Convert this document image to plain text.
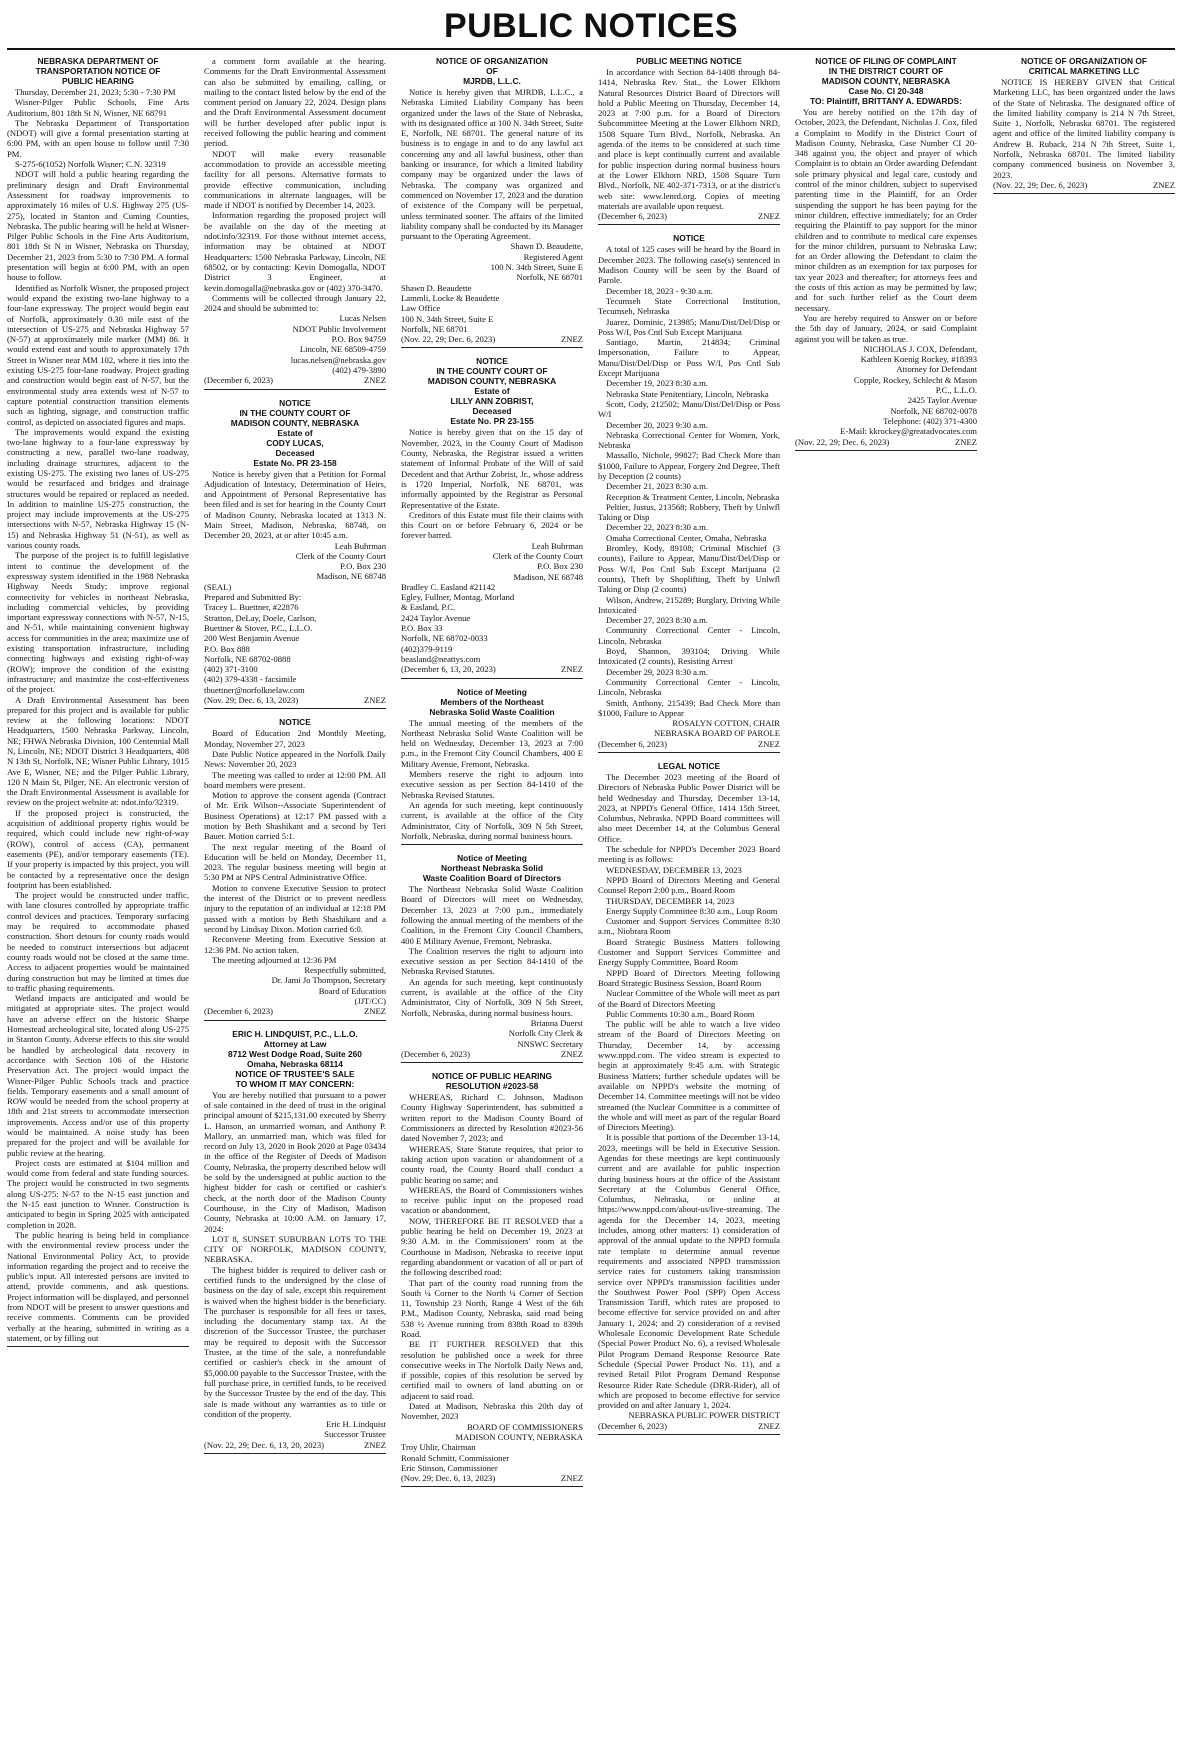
PUBLIC NOTICES
NEBRASKA DEPARTMENT OF
TRANSPORTATION NOTICE OF
PUBLIC HEARING

Thursday, December 21, 2023; 5:30 - 7:30 PM

Wisner-Pilger Public Schools, Fine Arts Auditorium, 801 18th St N, Wisner, NE 68791

The Nebraska Department of Transportation (NDOT) will give a formal presentation starting at 6:00 PM, with an open house to follow until 7:30 PM.

S-275-6(1052) Norfolk Wisner; C.N. 32319

NDOT will hold a public hearing regarding the preliminary design and Draft Environmental Assessment for roadway improvements to approximately 16 miles of U.S. Highway 275 (US-275), located in Stanton and Cuming Counties, Nebraska. The public hearing will be held at Wisner-Pilger Public Schools in the Fine Arts Auditorium, 801 18th St N in Wisner, Nebraska on Thursday, December 21, 2023 from 5:30 to 7:30 PM. A formal presentation will begin at 6:00 PM, with an open house to follow.

Identified as Norfolk Wisner, the proposed project would expand the existing two-lane highway to a four-lane expressway. The project would begin east of Norfolk, approximately 0.30 mile east of the intersection of US-275 and Nebraska Highway 57 (N-57) at approximately mile marker (MM) 86. It would extend east and south to approximately 17th Street in Wisner near MM 102, where it ties into the existing US-275 four-lane roadway. Project grading and construction would begin east of N-57, but the environmental study area extends west of N-57 to capture potential construction transition elements such as lighting, signage, and construction traffic control, as depicted on associated figures and maps.

The improvements would expand the existing two-lane highway to a four-lane expressway by constructing a new, parallel two-lane roadway, including drainage structures, adjacent to the existing US-275. The existing two lanes of US-275 would be resurfaced and bridges and drainage structures would be repaired or replaced as needed. In addition to mainline US-275 construction, the project may include improvements at the US-275 intersections with N-57, Nebraska Highway 15 (N-15) and Nebraska Highway 51 (N-51), as well as various county roads.

The purpose of the project is to fulfill legislative intent to continue the development of the expressway system identified in the 1988 Nebraska Highway Needs Study; improve regional connectivity for vehicles in northeast Nebraska, including commercial vehicles, by providing important expressway connections with N-57, N-15, and N-51, while maintaining convenient highway access for communities in the area; maximize use of existing transportation infrastructure, including connecting highways and existing right-of-way (ROW); improve the condition of the existing infrastructure; and maximize the cost-effectiveness of the project.

A Draft Environmental Assessment has been prepared for this project and is available for public review at the following locations: NDOT Headquarters, 1500 Nebraska Parkway, Lincoln, NE; FHWA Nebraska Division, 100 Centennial Mall N, Lincoln, NE; NDOT District 3 Headquarters, 408 N 13th St, Norfolk, NE; Wisner Public Library, 1015 Ave E, Wisner, NE; and the Pilger Public Library, 120 N Main St, Pilger, NE. An electronic version of the Draft Environmental Assessment is available for review on the project website at: ndot.info/32319.

If the proposed project is constructed, the acquisition of additional property rights would be required, which could include new right-of-way (ROW), control of access (CA), permanent easements (PE), and/or temporary easements (TE). If your property is impacted by this project, you will be contacted by a representative once the design footprint has been established.

The project would be constructed under traffic, with lane closures controlled by appropriate traffic control devices and practices. Temporary surfacing may be required to accommodate phased construction. Short detours for county roads would be needed to construct intersections but adjacent county roads would not be closed at the same time. Access to adjacent properties would be maintained during construction but may be limited at times due to traffic phasing requirements.

Wetland impacts are anticipated and would be mitigated at appropriate sites. The project would have an adverse effect on the historic Sharpe Homestead archeological site, located along US-275 in Stanton County. Adverse effects to this site would be handled by archeological data recovery in accordance with Section 106 of the Historic Preservation Act. The project would impact the Wisner-Pilger Public Schools track and practice fields. Temporary easements and a small amount of ROW would be needed from the school property at 18th and 21st streets to accommodate intersection improvements. Access and/or use of this property would be maintained. A noise study has been prepared for the project and will be available for public review at the hearing.

Project costs are estimated at $104 million and would come from federal and state funding sources. The project would be constructed in two segments along US-275: N-57 to the N-15 east junction and the N-15 east junction to Wisner. Construction is anticipated to begin in Spring 2025 with anticipated completion in 2028.

The public hearing is being held in compliance with the environmental review process under the National Environmental Policy Act, to provide information regarding the project and to receive the public's input. All interested persons are invited to attend, provide comments, and ask questions. Project information will be displayed, and personnel from NDOT will be present to answer questions and receive comments. Comments can be provided verbally at the hearing, submitted in writing as a statement, or by filling out

a comment form available at the hearing. Comments for the Draft Environmental Assessment can also be submitted by emailing, calling, or mailing to the contact listed below by the end of the comment period on January 22, 2024. Design plans and the Draft Environmental Assessment document will be further developed after public input is received following the public hearing and comment period.

NDOT will make every reasonable accommodation to provide an accessible meeting facility for all persons. Alternative formats to provide effective communication, including communications in alternate languages, will be made if NDOT is notified by December 14, 2023.

Information regarding the proposed project will be available on the day of the meeting at ndot.info/32319. For those without internet access, information may be obtained at NDOT Headquarters: 1500 Nebraska Parkway, Lincoln, NE 68502, or by contacting: Kevin Domogalla, NDOT District 3 Engineer, at kevin.domogalla@nebraska.gov or (402) 370-3470.

Comments will be collected through January 22, 2024 and should be submitted to:

Lucas Nelsen

NDOT Public Involvement

P.O. Box 94759

Lincoln, NE 68509-4759

lucas.nelsen@nebraska.gov

(402) 479-3890

(December 6, 2023)	ZNEZ
NOTICE
IN THE COUNTY COURT OF
MADISON COUNTY, NEBRASKA
Estate of
CODY LUCAS,
Deceased
Estate No. PR 23-158

Notice is hereby given that a Petition for Formal Adjudication of Intestacy, Determination of Heirs, and Appointment of Personal Representative has been filed and is set for hearing in the County Court of Madison County, Nebraska located at 1313 N. Main Street, Madison, Nebraska, 68748, on December 20, 2023, at or after 10:45 a.m.

Leah Buhrman

Clerk of the County Court

P.O. Box 230

Madison, NE 68748

(SEAL)
Prepared and Submitted By:
Tracey L. Buettner, #22876
Stratton, DeLay, Doele, Carlson,
Buettner & Stover, P.C., L.L.O.
200 West Benjamin Avenue
P.O. Box 888
Norfolk, NE 68702-0888
(402) 371-3100
(402) 379-4338 - facsimile
tbuettner@norfolknelaw.com

(Nov. 29; Dec. 6, 13, 2023)	ZNEZ
NOTICE

Board of Education 2nd Monthly Meeting, Monday, November 27, 2023

Date Public Notice appeared in the Norfolk Daily News: November 20, 2023

The meeting was called to order at 12:00 PM. All board members were present.

Motion to approve the consent agenda (Contract of Mr. Erik Wilson--Associate Superintendent of Business Operations) at 12:17 PM passed with a motion by Beth Shashikant and a second by Teri Bauer. Motion carried 5:1.

The next regular meeting of the Board of Education will be held on Monday, December 11, 2023. The regular business meeting will begin at 5:30 PM at NPS Central Administrative Office.

Motion to convene Executive Session to protect the interest of the District or to prevent needless injury to the reputation of an individual at 12:18 PM passed with a motion by Beth Shashikant and a second by Lindsay Dixon. Motion carried 6:0.

Reconvene Meeting from Executive Session at 12:36 PM. No action taken.

The meeting adjourned at 12:36 PM

Respectfully submitted,

Dr. Jami Jo Thompson, Secretary

Board of Education

(JJT/CC)

(December 6, 2023)	ZNEZ
ERIC H. LINDQUIST, P.C., L.L.O.
Attorney at Law
8712 West Dodge Road, Suite 260
Omaha, Nebraska 68114
NOTICE OF TRUSTEE'S SALE
TO WHOM IT MAY CONCERN:

You are hereby notified that pursuant to a power of sale contained in the deed of trust in the original principal amount of $215,131.00 executed by Sherry L. Hanson, an unmarried woman, and Anthony P. Mallory, an unmarried man, which was filed for record on July 13, 2020 in Book 2020 at Page 03434 in the office of the Register of Deeds of Madison County, Nebraska, the property described below will be sold by the undersigned at public auction to the highest bidder for cash or certified or cashier's check, at the north door of the Madison County Courthouse, in the City of Madison, Madison County, Nebraska at 10:00 A.M. on January 17, 2024:

LOT 8, SUNSET SUBURBAN LOTS TO THE CITY OF NORFOLK, MADISON COUNTY, NEBRASKA.

The highest bidder is required to deliver cash or certified funds to the undersigned by the close of business on the day of sale, except this requirement is waived when the highest bidder is the beneficiary. The purchaser is responsible for all fees or taxes, including the documentary stamp tax. At the discretion of the Successor Trustee, the purchaser may be required to deposit with the Successor Trustee, at the time of the sale, a nonrefundable certified or cashier's check in the amount of $5,000.00 payable to the Successor Trustee, with the full purchase price, in certified funds, to be received by the Successor Trustee by the end of the day. This sale is made without any warranties as to title or condition of the property.

Eric H. Lindquist

Successor Trustee

(Nov. 22, 29; Dec. 6, 13, 20, 2023)	ZNEZ
NOTICE OF ORGANIZATION
OF
MJRDB, L.L.C.

Notice is hereby given that MJRDB, L.L.C., a Nebraska Limited Liability Company has been organized under the laws of the State of Nebraska, with its designated office at 100 N. 34th Street, Suite E, Norfolk, NE 68701. The general nature of its business is to engage in and to do any lawful act concerning any and all lawful business, other than banking or insurance, for which a limited liability company may be organized under the laws of Nebraska. The company was organized and commenced on November 17, 2023 and the duration of existence of the Company will be perpetual, unless terminated sooner. The affairs of the limited liability company shall be conducted by its Manager pursuant to the Operating Agreement.

Shawn D. Beaudette,

Registered Agent

100 N. 34th Street, Suite E

Norfolk, NE 68701

Shawn D. Beaudette
Lammli, Locke & Beaudette
Law Office
100 N. 34th Street, Suite E
Norfolk, NE 68701

(Nov. 22, 29; Dec. 6, 2023)	ZNEZ
NOTICE
IN THE COUNTY COURT OF
MADISON COUNTY, NEBRASKA
Estate of
LILLY ANN ZOBRIST,
Deceased
Estate No. PR 23-155

Notice is hereby given that on the 15 day of November, 2023, in the County Court of Madison County, Nebraska, the Registrar issued a written statement of Informal Probate of the Will of said Decedent and that Arthur Zobrist, Jr., whose address is 1720 Imperial, Norfolk, NE 68701, was informally appointed by the Registrar as Personal Representative of the Estate.

Creditors of this Estate must file their claims with this Court on or before February 6, 2024 or be forever barred.

Leah Buhrman

Clerk of the County Court

P.O. Box 230

Madison, NE 68748

Bradley C. Easland #21142
Egley, Fullner, Montag, Morland
& Easland, P.C.
2424 Taylor Avenue
P.O. Box 33
Norfolk, NE 68702-0033
(402)379-9119
beasland@neattys.com

(December 6, 13, 20, 2023)	ZNEZ
Notice of Meeting
Members of the Northeast
Nebraska Solid Waste Coalition

The annual meeting of the members of the Northeast Nebraska Solid Waste Coalition will be held on Wednesday, December 13, 2023 at 7:00 p.m., in the Fremont City Council Chambers, 400 E Military Avenue, Fremont, Nebraska.

Members reserve the right to adjourn into executive session as per Section 84-1410 of the Nebraska Revised Statutes.

An agenda for such meeting, kept continuously current, is available at the office of the City Administrator, City of Norfolk, 309 N 5th Street, Norfolk, Nebraska, during normal business hours.

Notice of Meeting
Northeast Nebraska Solid
Waste Coalition Board of Directors

The Northeast Nebraska Solid Waste Coalition Board of Directors will meet on Wednesday, December 13, 2023 at 7:00 p.m., immediately following the annual meeting of the members of the Coalition, in the Fremont City Council Chambers, 400 E Military Avenue, Fremont, Nebraska.

The Coalition reserves the right to adjourn into executive session as per Section 84-1410 of the Nebraska Revised Statutes.

An agenda for such meeting, kept continuously current, is available at the office of the City Administrator, City of Norfolk, 309 N 5th Street, Norfolk, Nebraska, during normal business hours.

Brianna Duerst

Norfolk City Clerk &

NNSWC Secretary

(December 6, 2023)	ZNEZ
NOTICE OF PUBLIC HEARING
RESOLUTION #2023-58

WHEREAS, Richard C. Johnson, Madison County Highway Superintendent, has submitted a written report to the Madison County Board of Commissioners as directed by Resolution #2023-56 dated November 7, 2023; and

WHEREAS, State Statute requires, that prior to taking action upon vacation or abandonment of a county road, the County Board shall conduct a public hearing on same; and

WHEREAS, the Board of Commissioners wishes to receive public input on the proposed road vacation or abandonment,

NOW, THEREFORE BE IT RESOLVED that a public hearing be held on December 19, 2023 at 9:30 A.M. in the Commissioners' room at the Courthouse in Madison, Nebraska to receive input regarding abandonment or vacation of all or part of the following described road:

That part of the county road running from the South ¼ Corner to the North ¼ Corner of Section 11, Township 23 North, Range 4 West of the 6th P.M., Madison County, Nebraska, said road being 538 ½ Avenue running from 838th Road to 839th Road.

BE IT FURTHER RESOLVED that this resolution be published once a week for three consecutive weeks in The Norfolk Daily News and, if possible, copies of this resolution be served by certified mail to owners of land abutting on or adjacent to said road.

Dated at Madison, Nebraska this 20th day of November, 2023

BOARD OF COMMISSIONERS

MADISON COUNTY, NEBRASKA

Troy Uhlir, Chairman
Ronald Schmitt, Commissioner
Eric Stinson, Commissioner

(Nov. 29; Dec. 6, 13, 2023)	ZNEZ
PUBLIC MEETING NOTICE

In accordance with Section 84-1408 through 84-1414, Nebraska Rev. Stat., the Lower Elkhorn Natural Resources District Board of Directors will hold a Public Meeting on Thursday, December 14, 2023 at 7:00 p.m. for a Board of Directors Subcommittee Meeting at the Lower Elkhorn NRD, 1508 Square Turn Blvd., Norfolk, Nebraska. An agenda of the items to be considered at such time and place is kept continually current and available for public inspection during normal business hours at the Lower Elkhorn NRD, 1508 Square Turn Blvd., Norfolk, NE 402-371-7313, or at the district's web site: www.lenrd.org. Copies of meeting materials are available upon request.

(December 6, 2023)	ZNEZ
NOTICE

A total of 125 cases will be heard by the Board in December 2023. The following case(s) sentenced in Madison County will be seen by the Board of Parole.

December 18, 2023 - 9:30 a.m.

Tecumseh State Correctional Institution, Tecumseh, Nebraska

Juarez, Dominic, 213985; Manu/Dist/Del/Disp or Poss W/I, Pos Cntl Sub Except Marijuana

Santiago, Martin, 214834; Criminal Impersonation, Failure to Appear, Manu/Dist/Del/Disp or Poss W/I, Pos Cntl Sub Except Marijuana

December 19, 2023 8:30 a.m.

Nebraska State Penitentiary, Lincoln, Nebraska

Scott, Cody, 212502; Manu/Dist/Del/Disp or Poss W/I

December 20, 2023 9:30 a.m.

Nebraska Correctional Center for Women, York, Nebraska

Massallo, Nichole, 99827; Bad Check More than $1000, Failure to Appear, Forgery 2nd Degree, Theft by Deception (2 counts)

December 21, 2023 8:30 a.m.

Reception & Treatment Center, Lincoln, Nebraska

Peltier, Justus, 213568; Robbery, Theft by Unlwfl Taking or Disp

December 22, 2023 8:30 a.m.

Omaha Correctional Center, Omaha, Nebraska

Bromley, Kody, 89108; Criminal Mischief (3 counts), Failure to Appear, Manu/Dist/Del/Disp or Poss W/I, Pos Cntl Sub Except Marijuana (2 counts), Theft by Shoplifting, Theft by Unlwfl Taking or Disp (2 counts)

Wilson, Andrew, 215289; Burglary, Driving While Intoxicated

December 27, 2023 8:30 a.m.

Community Correctional Center - Lincoln, Lincoln, Nebraska

Boyd, Shannon, 393104; Driving While Intoxicated (2 counts), Resisting Arrest

December 29, 2023 8:30 a.m.

Community Correctional Center - Lincoln, Lincoln, Nebraska

Smith, Anthony, 215439; Bad Check More than $1000, Failure to Appear

ROSALYN COTTON, CHAIR

NEBRASKA BOARD OF PAROLE

(December 6, 2023)	ZNEZ
LEGAL NOTICE

The December 2023 meeting of the Board of Directors of Nebraska Public Power District will be held Wednesday and Thursday, December 13-14, 2023, at NPPD's General Office, 1414 15th Street, Columbus, Nebraska. NPPD Board committees will also meet December 14, at the Columbus General Office.

The schedule for NPPD's December 2023 Board meeting is as follows:

WEDNESDAY, DECEMBER 13, 2023

NPPD Board of Directors Meeting and General Counsel Report 2:00 p.m., Board Room

THURSDAY, DECEMBER 14, 2023

Energy Supply Committee 8:30 a.m., Loup Room

Customer and Support Services Committee 8:30 a.m., Niobrara Room

Board Strategic Business Matters following Customer and Support Services Committee and Energy Supply Committee, Board Room

NPPD Board of Directors Meeting following Board Strategic Business Session, Board Room

Nuclear Committee of the Whole will meet as part of the Board of Directors Meeting

Public Comments 10:30 a.m., Board Room

The public will be able to watch a live video stream of the Board of Directors Meeting on Thursday, December 14, by accessing www.nppd.com. The video stream is expected to begin at approximately 9:45 a.m. with Strategic Business Matters; further schedule updates will be available on NPPD's website the morning of December 14. Committee meetings will not be video streamed (the Nuclear Committee is a committee of the whole and will meet as part of the regular Board of Directors Meeting).

It is possible that portions of the December 13-14, 2023, meetings will be held in Executive Session. Agendas for these meetings are kept continuously current and are available for public inspection during business hours at the office of the Assistant Secretary at the Columbus General Office, Columbus, Nebraska, or online at https://www.nppd.com/about-us/live-streaming. The agenda for the December 14, 2023, meeting includes, among other matters: 1) consideration of approval of the annual update to the NPPD formula rate template to determine annual revenue requirements and associated NPPD transmission service rates for customers taking transmission service over NPPD's transmission facilities under the Southwest Power Pool (SPP) Open Access Transmission Tariff, which rates are proposed to become effective for service provided on and after January 1, 2024; and 2) consideration of a revised Wholesale Economic Development Rate Schedule (Special Power Product No. 6), a revised Wholesale Pilot Program Demand Response Resource Rate Schedule (Special Power Product No. 11), and a revised Retail Pilot Program Demand Response Resource Rider Rate Schedule (DRR-Rider), all of which are proposed to become effective for service provided on and after January 1, 2024.

NEBRASKA PUBLIC POWER DISTRICT

(December 6, 2023)	ZNEZ
NOTICE OF FILING OF COMPLAINT
IN THE DISTRICT COURT OF
MADISON COUNTY, NEBRASKA
Case No. CI 20-348
TO: Plaintiff, BRITTANY A. EDWARDS:

You are hereby notified on the 17th day of October, 2023, the Defendant, Nicholas J. Cox, filed a Complaint to Modify in the District Court of Madison County, Nebraska, Case Number CI 20-348 against you, the object and prayer of which Complaint is to obtain an Order awarding Defendant sole primary physical and legal care, custody and control of the minor children, subject to supervised parenting time in the Plaintiff, for an Order suspending the support he has been paying for the minor children, effective immediately; for an Order requiring the Plaintiff to pay support for the minor children and to contribute to medical care expenses for the minor children, pursuant to Nebraska Law; for an Order allowing the Defendant to claim the minor children as an exemption for tax purposes for tax year 2023 and thereafter; for attorneys fees and the costs of this action as may be permitted by law; and for such further relief as the Court deem necessary.

You are hereby required to Answer on or before the 5th day of January, 2024, or said Complaint against you will be taken as true.

NICHOLAS J. COX, Defendant,

Kathleen Koenig Rockey, #18393

Attorney for Defendant

Copple, Rockey, Schlecht & Mason

P.C., L.L.O.

2425 Taylor Avenue

Norfolk, NE 68702-0078

Telephone: (402) 371-4300

E-Mail: kkrockey@greatadvocates.com

(Nov. 22, 29; Dec. 6, 2023)	ZNEZ
NOTICE OF ORGANIZATION OF
CRITICAL MARKETING LLC

NOTICE IS HEREBY GIVEN that Critical Marketing LLC, has been organized under the laws of the State of Nebraska. The designated office of the limited liability company is 214 N 7th Street, Suite 1, Norfolk, Nebraska 68701. The registered agent and office of the limited liability company is Andrew B. Ruback, 214 N 7th Street, Suite 1, Norfolk, Nebraska 68701. The limited liability company commenced business on November 3, 2023.

(Nov. 22, 29; Dec. 6, 2023)	ZNEZ
